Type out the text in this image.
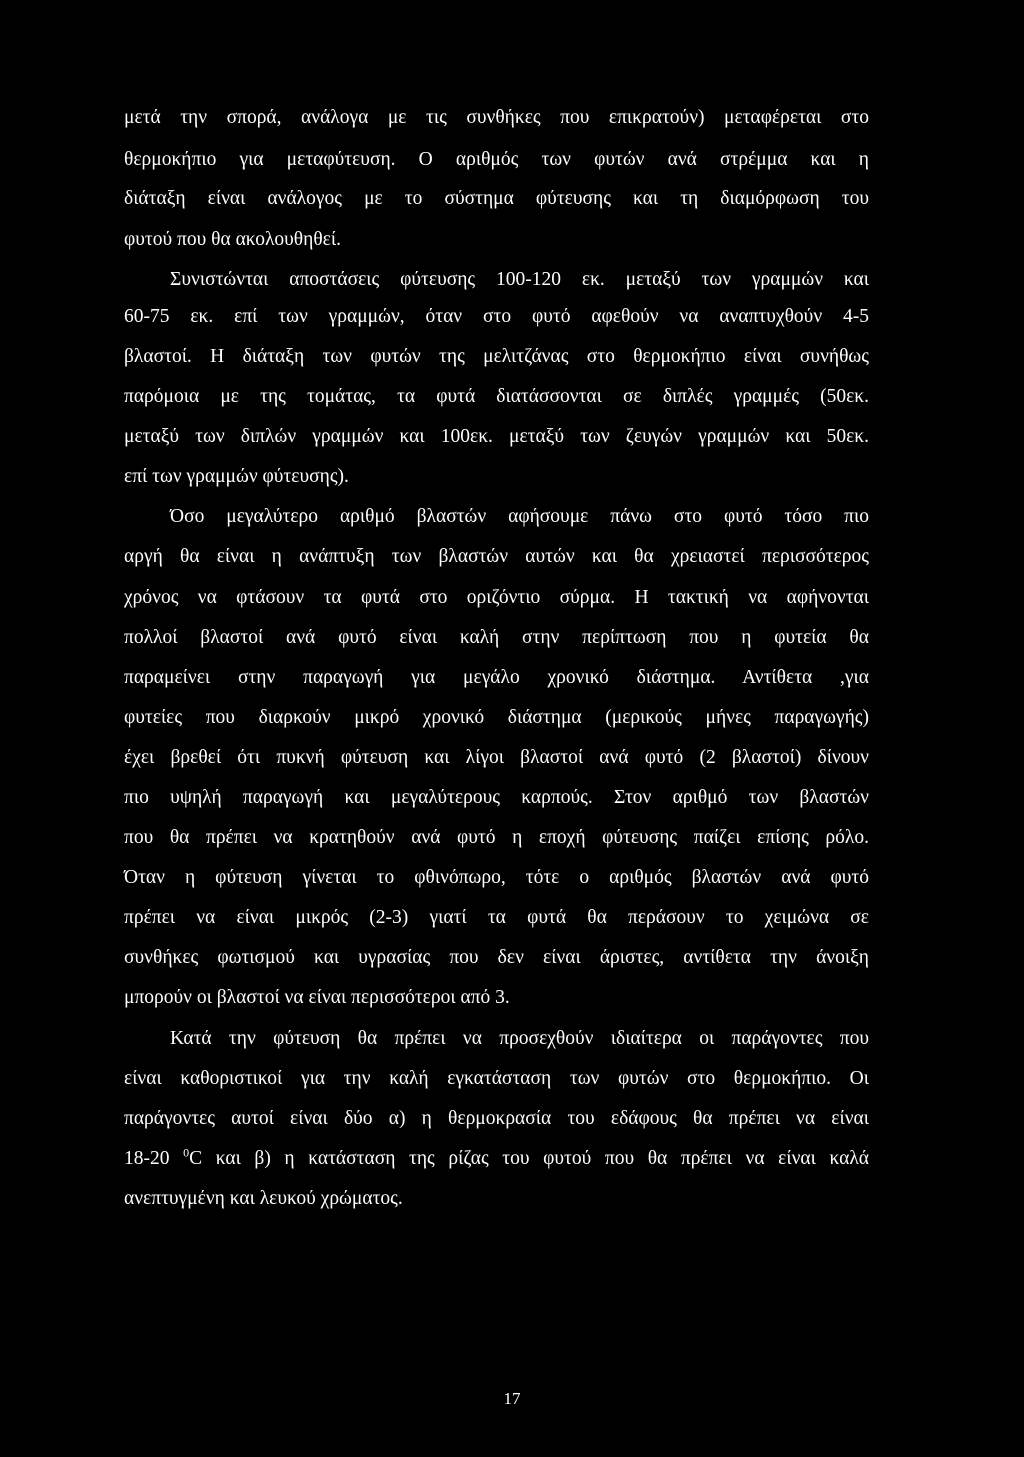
μετά την σπορά, ανάλογα με τις συνθήκες που επικρατούν) μεταφέρεται στο
θερμοκήπιο για μεταφύτευση. Ο αριθμός των φυτών ανά στρέμμα και η
διάταξη είναι ανάλογος με το σύστημα φύτευσης και τη διαμόρφωση του
φυτού που θα ακολουθηθεί.
Συνιστώνται αποστάσεις φύτευσης 100-120 εκ. μεταξύ των γραμμών και
60-75 εκ. επί των γραμμών, όταν στο φυτό αφεθούν να αναπτυχθούν 4-5
βλαστοί. Η διάταξη των φυτών της μελιτζάνας στο θερμοκήπιο είναι συνήθως
παρόμοια με της τομάτας, τα φυτά διατάσσονται σε διπλές γραμμές (50εκ.
μεταξύ των διπλών γραμμών και 100εκ. μεταξύ των ζευγών γραμμών και 50εκ.
επί των γραμμών φύτευσης).
Όσο μεγαλύτερο αριθμό βλαστών αφήσουμε πάνω στο φυτό τόσο πιο
αργή θα είναι η ανάπτυξη των βλαστών αυτών και θα χρειαστεί περισσότερος
χρόνος να φτάσουν τα φυτά στο οριζόντιο σύρμα. Η τακτική να αφήνονται
πολλοί βλαστοί ανά φυτό είναι καλή στην περίπτωση που η φυτεία θα
παραμείνει στην παραγωγή για μεγάλο χρονικό διάστημα. Αντίθετα ,για
φυτείες που διαρκούν μικρό χρονικό διάστημα (μερικούς μήνες παραγωγής)
έχει βρεθεί ότι πυκνή φύτευση και λίγοι βλαστοί ανά φυτό (2 βλαστοί) δίνουν
πιο υψηλή παραγωγή και μεγαλύτερους καρπούς. Στον αριθμό των βλαστών
που θα πρέπει να κρατηθούν ανά φυτό η εποχή φύτευσης παίζει επίσης ρόλο.
Όταν η φύτευση γίνεται το φθινόπωρο, τότε ο αριθμός βλαστών ανά φυτό
πρέπει να είναι μικρός (2-3) γιατί τα φυτά θα περάσουν το χειμώνα σε
συνθήκες φωτισμού και υγρασίας που δεν είναι άριστες, αντίθετα την άνοιξη
μπορούν οι βλαστοί να είναι περισσότεροι από 3.
Κατά την φύτευση θα πρέπει να προσεχθούν ιδιαίτερα οι παράγοντες που
είναι καθοριστικοί για την καλή εγκατάσταση των φυτών στο θερμοκήπιο. Οι
παράγοντες αυτοί είναι δύο α) η θερμοκρασία του εδάφους θα πρέπει να είναι
18-20 $^0$C και β) η κατάσταση της ρίζας του φυτού που θα πρέπει να είναι καλά
ανεπτυγμένη και λευκού χρώματος.
17
